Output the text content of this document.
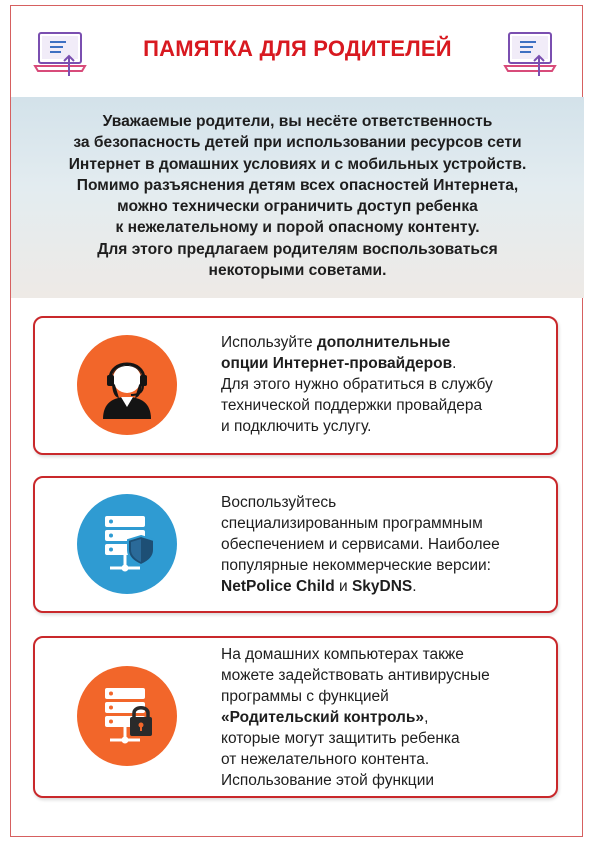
ПАМЯТКА ДЛЯ РОДИТЕЛЕЙ

Уважаемые родители, вы несёте ответственность
за безопасность детей при использовании ресурсов сети
Интернет в домашних условиях и с мобильных устройств.
Помимо разъяснения детям всех опасностей Интернета,
можно технически ограничить доступ ребенка
к нежелательному и порой опасному контенту.
Для этого предлагаем родителям воспользоваться
некоторыми советами.

Используйте дополнительные
опции Интернет-провайдеров.
Для этого нужно обратиться в службу
технической поддержки провайдера
и подключить услугу.

Воспользуйтесь
специализированным программным
обеспечением и сервисами. Наиболее
популярные некоммерческие версии:
NetPolice Child и SkyDNS.

На домашних компьютерах также
можете задействовать антивирусные
программы с функцией
«Родительский контроль»,
которые могут защитить ребенка
от нежелательного контента.
Использование этой функции
